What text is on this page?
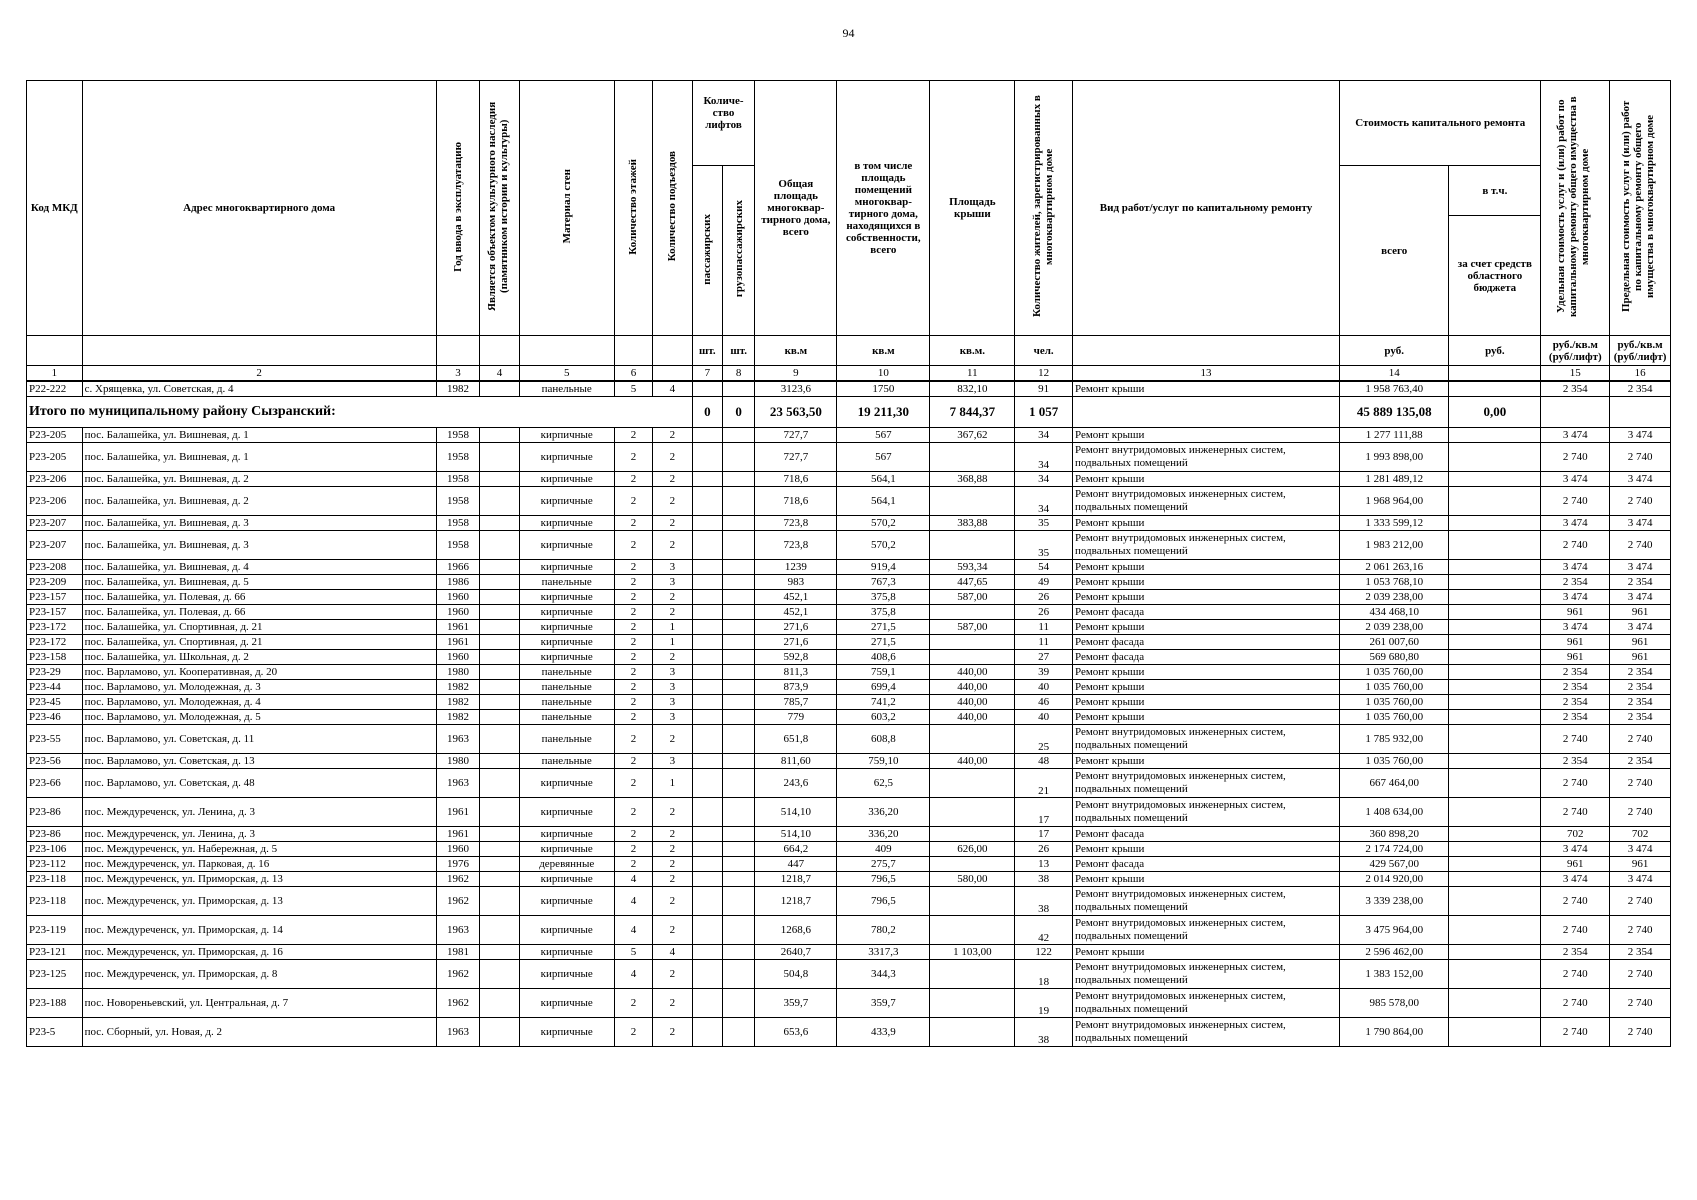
94
Код МКД	Адрес многоквартирного дома	Год ввода в эксплуатацию	Является объектом культурного наследия (памятником истории и культуры)	Материал стен	Количество этажей	Количество подъездов	Количе-ство лифтов		Общая площадь многоквар-тирного дома, всего	в том числе площадь помещений многоквар-тирного дома, находящихся в собственности, всего	Площадь крыши	Количество жителей, зарегистрированных в многоквартирном доме	Вид работ/услуг по капитальному ремонту	Стоимость капитального ремонта		Удельная стоимость услуг и (или) работ по капитальному ремонту общего имущества в многоквартирном доме	Предельная стоимость услуг и (или) работ по капитальному ремонту общего имущества в многоквартирном доме
							пассажирских	грузопассажирских						всего	в т.ч.		
															за счет средств областного бюджета		
							шт.	шт.	кв.м	кв.м	кв.м.	чел.		руб.	руб.	руб./кв.м (руб/лифт)	руб./кв.м (руб/лифт)
1	2	3	4	5	6		7	8	9	10	11	12	13	14		15	16
Р22-222	с. Хрящевка, ул. Советская, д. 4	1982		панельные	5	4			3123,6	1750	832,10	91	Ремонт крыши	1 958 763,40		2 354	2 354
Итого по муниципальному району Сызранский:							0	0	23 563,50	19 211,30	7 844,37	1 057		45 889 135,08	0,00		
Р23-205	пос. Балашейка, ул. Вишневая, д. 1	1958		кирпичные	2	2			727,7	567	367,62	34	Ремонт крыши	1 277 111,88		3 474	3 474
Р23-205	пос. Балашейка, ул. Вишневая, д. 1	1958		кирпичные	2	2			727,7	567		34	Ремонт внутридомовых инженерных систем, подвальных помещений	1 993 898,00		2 740	2 740
Р23-206	пос. Балашейка, ул. Вишневая, д. 2	1958		кирпичные	2	2			718,6	564,1	368,88	34	Ремонт крыши	1 281 489,12		3 474	3 474
Р23-206	пос. Балашейка, ул. Вишневая, д. 2	1958		кирпичные	2	2			718,6	564,1		34	Ремонт внутридомовых инженерных систем, подвальных помещений	1 968 964,00		2 740	2 740
Р23-207	пос. Балашейка, ул. Вишневая, д. 3	1958		кирпичные	2	2			723,8	570,2	383,88	35	Ремонт крыши	1 333 599,12		3 474	3 474
Р23-207	пос. Балашейка, ул. Вишневая, д. 3	1958		кирпичные	2	2			723,8	570,2		35	Ремонт внутридомовых инженерных систем, подвальных помещений	1 983 212,00		2 740	2 740
Р23-208	пос. Балашейка, ул. Вишневая, д. 4	1966		кирпичные	2	3			1239	919,4	593,34	54	Ремонт крыши	2 061 263,16		3 474	3 474
Р23-209	пос. Балашейка, ул. Вишневая, д. 5	1986		панельные	2	3			983	767,3	447,65	49	Ремонт крыши	1 053 768,10		2 354	2 354
Р23-157	пос. Балашейка, ул. Полевая, д. 66	1960		кирпичные	2	2			452,1	375,8	587,00	26	Ремонт крыши	2 039 238,00		3 474	3 474
Р23-157	пос. Балашейка, ул. Полевая, д. 66	1960		кирпичные	2	2			452,1	375,8		26	Ремонт фасада	434 468,10		961	961
Р23-172	пос. Балашейка, ул. Спортивная, д. 21	1961		кирпичные	2	1			271,6	271,5	587,00	11	Ремонт крыши	2 039 238,00		3 474	3 474
Р23-172	пос. Балашейка, ул. Спортивная, д. 21	1961		кирпичные	2	1			271,6	271,5		11	Ремонт фасада	261 007,60		961	961
Р23-158	пос. Балашейка, ул. Школьная, д. 2	1960		кирпичные	2	2			592,8	408,6		27	Ремонт фасада	569 680,80		961	961
Р23-29	пос. Варламово, ул. Кооперативная, д. 20	1980		панельные	2	3			811,3	759,1	440,00	39	Ремонт крыши	1 035 760,00		2 354	2 354
Р23-44	пос. Варламово, ул. Молодежная, д. 3	1982		панельные	2	3			873,9	699,4	440,00	40	Ремонт крыши	1 035 760,00		2 354	2 354
Р23-45	пос. Варламово, ул. Молодежная, д. 4	1982		панельные	2	3			785,7	741,2	440,00	46	Ремонт крыши	1 035 760,00		2 354	2 354
Р23-46	пос. Варламово, ул. Молодежная, д. 5	1982		панельные	2	3			779	603,2	440,00	40	Ремонт крыши	1 035 760,00		2 354	2 354
Р23-55	пос. Варламово, ул. Советская, д. 11	1963		панельные	2	2			651,8	608,8		25	Ремонт внутридомовых инженерных систем, подвальных помещений	1 785 932,00		2 740	2 740
Р23-56	пос. Варламово, ул. Советская, д. 13	1980		панельные	2	3			811,60	759,10	440,00	48	Ремонт крыши	1 035 760,00		2 354	2 354
Р23-66	пос. Варламово, ул. Советская, д. 48	1963		кирпичные	2	1			243,6	62,5		21	Ремонт внутридомовых инженерных систем, подвальных помещений	667 464,00		2 740	2 740
Р23-86	пос. Междуреченск, ул. Ленина, д. 3	1961		кирпичные	2	2			514,10	336,20		17	Ремонт внутридомовых инженерных систем, подвальных помещений	1 408 634,00		2 740	2 740
Р23-86	пос. Междуреченск, ул. Ленина, д. 3	1961		кирпичные	2	2			514,10	336,20		17	Ремонт фасада	360 898,20		702	702
Р23-106	пос. Междуреченск, ул. Набережная, д. 5	1960		кирпичные	2	2			664,2	409	626,00	26	Ремонт крыши	2 174 724,00		3 474	3 474
Р23-112	пос. Междуреченск, ул. Парковая, д. 16	1976		деревянные	2	2			447	275,7		13	Ремонт фасада	429 567,00		961	961
Р23-118	пос. Междуреченск, ул. Приморская, д. 13	1962		кирпичные	4	2			1218,7	796,5	580,00	38	Ремонт крыши	2 014 920,00		3 474	3 474
Р23-118	пос. Междуреченск, ул. Приморская, д. 13	1962		кирпичные	4	2			1218,7	796,5		38	Ремонт внутридомовых инженерных систем, подвальных помещений	3 339 238,00		2 740	2 740
Р23-119	пос. Междуреченск, ул. Приморская, д. 14	1963		кирпичные	4	2			1268,6	780,2		42	Ремонт внутридомовых инженерных систем, подвальных помещений	3 475 964,00		2 740	2 740
Р23-121	пос. Междуреченск, ул. Приморская, д. 16	1981		кирпичные	5	4			2640,7	3317,3	1 103,00	122	Ремонт крыши	2 596 462,00		2 354	2 354
Р23-125	пос. Междуреченск, ул. Приморская, д. 8	1962		кирпичные	4	2			504,8	344,3		18	Ремонт внутридомовых инженерных систем, подвальных помещений	1 383 152,00		2 740	2 740
Р23-188	пос. Новореньевский, ул. Центральная, д. 7	1962		кирпичные	2	2			359,7	359,7		19	Ремонт внутридомовых инженерных систем, подвальных помещений	985 578,00		2 740	2 740
Р23-5	пос. Сборный, ул. Новая, д. 2	1963		кирпичные	2	2			653,6	433,9		38	Ремонт внутридомовых инженерных систем, подвальных помещений	1 790 864,00		2 740	2 740
